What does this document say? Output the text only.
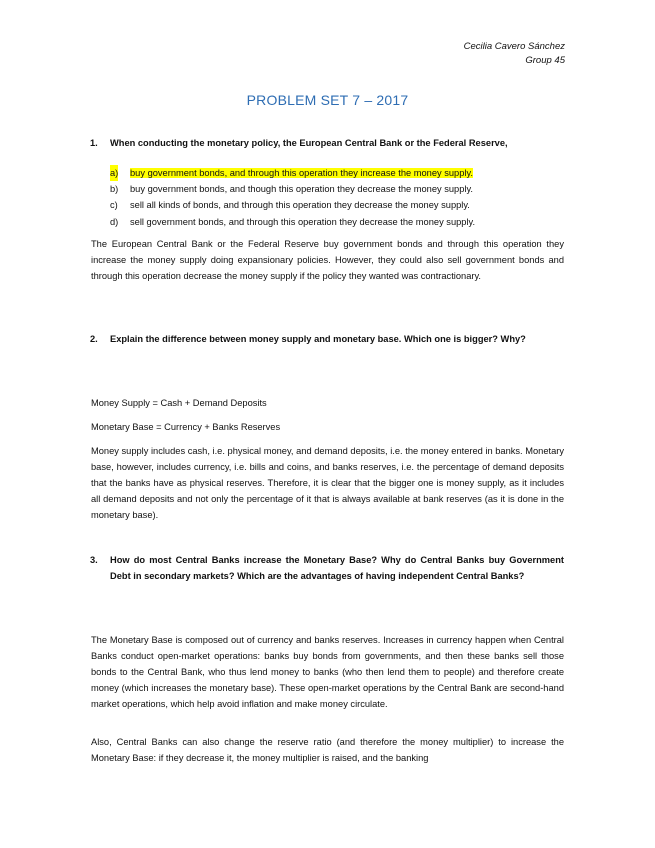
Cecilia Cavero Sánchez
Group 45
PROBLEM SET 7 – 2017
1. When conducting the monetary policy, the European Central Bank or the Federal Reserve,
a) buy government bonds, and through this operation they increase the money supply.
b) buy government bonds, and though this operation they decrease the money supply.
c) sell all kinds of bonds, and through this operation they decrease the money supply.
d) sell government bonds, and through this operation they decrease the money supply.
The European Central Bank or the Federal Reserve buy government bonds and through this operation they increase the money supply doing expansionary policies. However, they could also sell government bonds and through this operation decrease the money supply if the policy they wanted was contractionary.
2. Explain the difference between money supply and monetary base. Which one is bigger? Why?
Money Supply = Cash + Demand Deposits
Monetary Base = Currency + Banks Reserves
Money supply includes cash, i.e. physical money, and demand deposits, i.e. the money entered in banks. Monetary base, however, includes currency, i.e. bills and coins, and banks reserves, i.e. the percentage of demand deposits that the banks have as physical reserves. Therefore, it is clear that the bigger one is money supply, as it includes all demand deposits and not only the percentage of it that is always available at bank reserves (as it is done in the monetary base).
3. How do most Central Banks increase the Monetary Base? Why do Central Banks buy Government Debt in secondary markets? Which are the advantages of having independent Central Banks?
The Monetary Base is composed out of currency and banks reserves. Increases in currency happen when Central Banks conduct open-market operations: banks buy bonds from governments, and then these banks sell those bonds to the Central Bank, who thus lend money to banks (who then lend them to people) and therefore create money (which increases the monetary base). These open-market operations by the Central Bank are second-hand market operations, which help avoid inflation and make money circulate.
Also, Central Banks can also change the reserve ratio (and therefore the money multiplier) to increase the Monetary Base: if they decrease it, the money multiplier is raised, and the banking
